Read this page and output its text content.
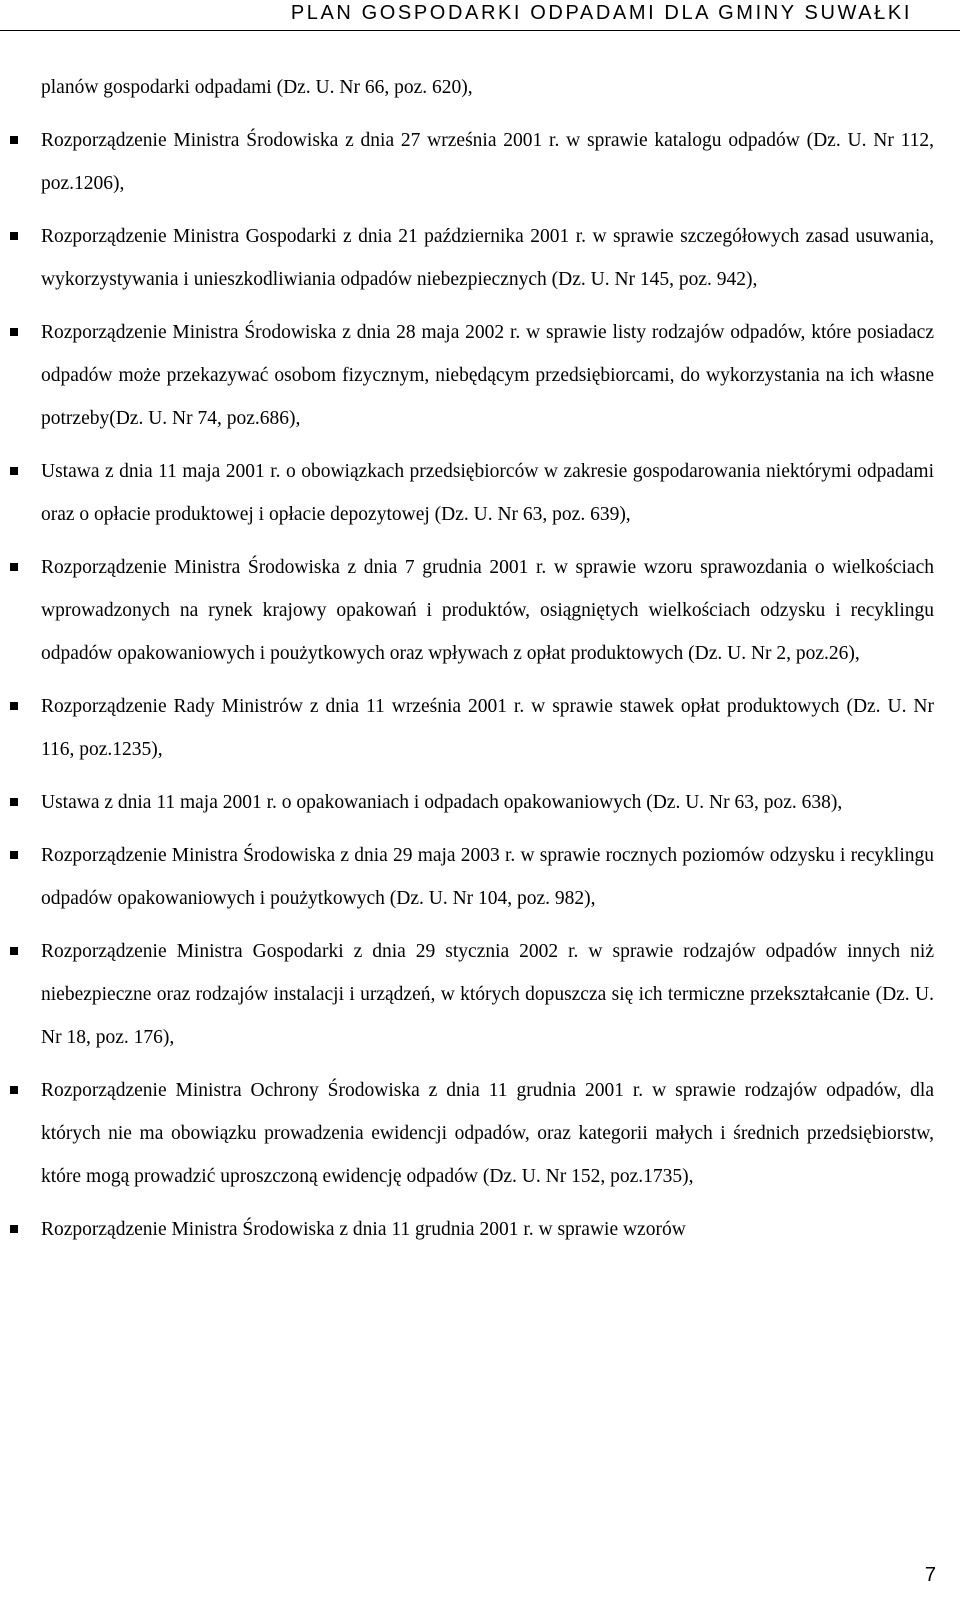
PLAN GOSPODARKI ODPADAMI DLA GMINY SUWAŁKI
planów gospodarki odpadami (Dz. U. Nr 66, poz. 620),
Rozporządzenie Ministra Środowiska z dnia 27 września 2001 r. w sprawie katalogu odpadów (Dz. U. Nr 112, poz.1206),
Rozporządzenie Ministra Gospodarki z dnia 21 października 2001 r. w sprawie szczegółowych zasad usuwania, wykorzystywania i unieszkodliwiania odpadów niebezpiecznych (Dz. U. Nr 145, poz. 942),
Rozporządzenie Ministra Środowiska z dnia 28 maja 2002 r. w sprawie listy rodzajów odpadów, które posiadacz odpadów może przekazywać osobom fizycznym, niebędącym przedsiębiorcami, do wykorzystania na ich własne potrzeby(Dz. U. Nr 74, poz.686),
Ustawa z dnia 11 maja 2001 r. o obowiązkach przedsiębiorców w zakresie gospodarowania niektórymi odpadami oraz o opłacie produktowej i opłacie depozytowej (Dz. U. Nr 63, poz. 639),
Rozporządzenie Ministra Środowiska z dnia 7 grudnia 2001 r. w sprawie wzoru sprawozdania o wielkościach wprowadzonych na rynek krajowy opakowań i produktów, osiągniętych wielkościach odzysku i recyklingu odpadów opakowaniowych i poużytkowych oraz wpływach z opłat produktowych (Dz. U. Nr 2, poz.26),
Rozporządzenie Rady Ministrów z dnia 11 września 2001 r. w sprawie stawek opłat produktowych (Dz. U. Nr 116, poz.1235),
Ustawa z dnia 11 maja 2001 r. o opakowaniach i odpadach opakowaniowych (Dz. U. Nr 63, poz. 638),
Rozporządzenie Ministra Środowiska z dnia 29 maja 2003 r. w sprawie rocznych poziomów odzysku i recyklingu odpadów opakowaniowych i poużytkowych (Dz. U. Nr 104, poz. 982),
Rozporządzenie Ministra Gospodarki z dnia 29 stycznia 2002 r. w sprawie rodzajów odpadów innych niż niebezpieczne oraz rodzajów instalacji i urządzeń, w których dopuszcza się ich termiczne przekształcanie (Dz. U. Nr 18, poz. 176),
Rozporządzenie Ministra Ochrony Środowiska z dnia 11 grudnia 2001 r. w sprawie rodzajów odpadów, dla których nie ma obowiązku prowadzenia ewidencji odpadów, oraz kategorii małych i średnich przedsiębiorstw, które mogą prowadzić uproszczoną ewidencję odpadów (Dz. U. Nr 152, poz.1735),
Rozporządzenie Ministra Środowiska z dnia 11 grudnia 2001 r. w sprawie wzorów
7
